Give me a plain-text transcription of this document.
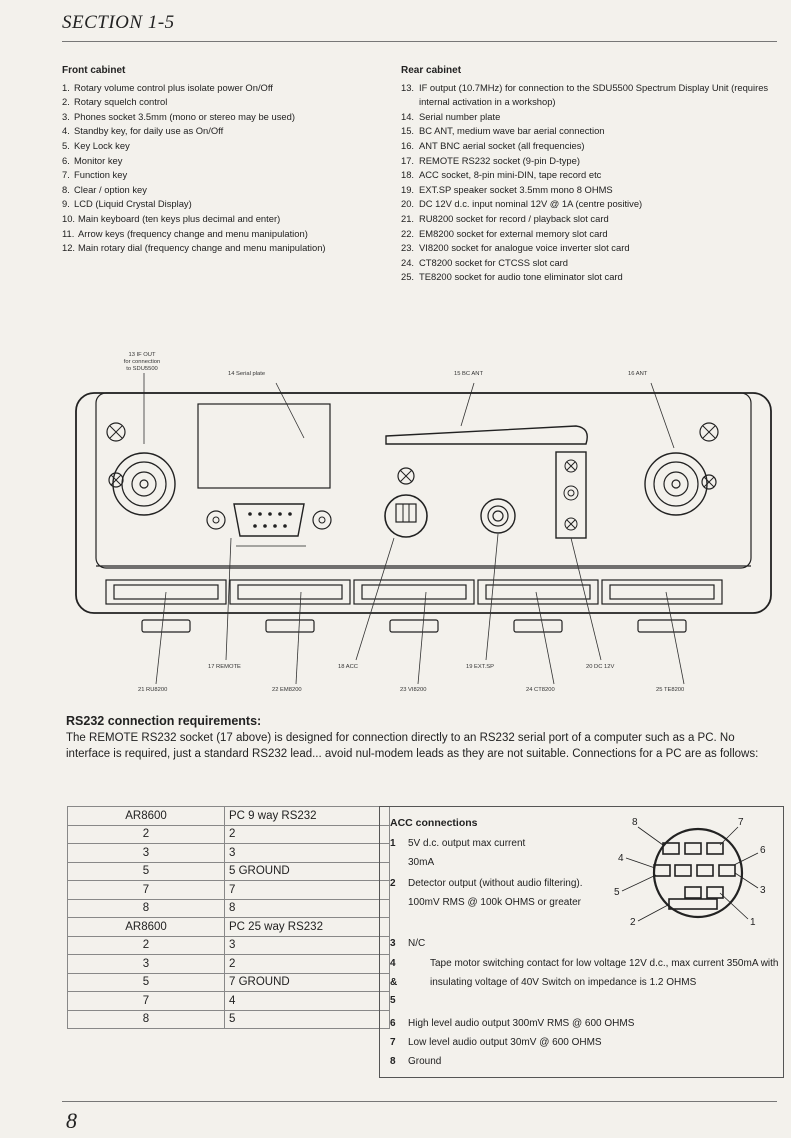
SECTION 1-5
Front cabinet
1. Rotary volume control plus isolate power On/Off
2. Rotary squelch control
3. Phones socket 3.5mm (mono or stereo may be used)
4. Standby key, for daily use as On/Off
5. Key Lock key
6. Monitor key
7. Function key
8. Clear / option key
9. LCD (Liquid Crystal Display)
10. Main keyboard (ten keys plus decimal and enter)
11. Arrow keys (frequency change and menu manipulation)
12. Main rotary dial (frequency change and menu manipulation)
Rear cabinet
13. IF output (10.7MHz) for connection to the SDU5500 Spectrum Display Unit (requires internal activation in a workshop)
14. Serial number plate
15. BC ANT, medium wave bar aerial connection
16. ANT BNC aerial socket (all frequencies)
17. REMOTE RS232 socket (9-pin D-type)
18. ACC socket, 8-pin mini-DIN, tape record etc
19. EXT.SP speaker socket 3.5mm mono 8 OHMS
20. DC 12V d.c. input nominal 12V @ 1A (centre positive)
21. RU8200 socket for record / playback slot card
22. EM8200 socket for external memory slot card
23. VI8200 socket for analogue voice inverter slot card
24. CT8200 socket for CTCSS slot card
25. TE8200 socket for audio tone eliminator slot card
13 IF OUT
for connection
to SDU5500
14 Serial plate	15 BC ANT	16 ANT
17 REMOTE	18 ACC	19 EXT.SP	20 DC 12V
21 RU8200	22 EM8200	23 VI8200	24 CT8200	25 TE8200
RS232 connection requirements:
The REMOTE RS232 socket (17 above) is designed for connection directly to an RS232 serial port of a computer such as a PC. No interface is required, just a standard RS232 lead... avoid nul-modem leads as they are not suitable. Connections for a PC are as follows:
AR8600	PC 9 way RS232
2	2
3	3
5	5 GROUND
7	7
8	8
AR8600	PC 25 way RS232
2	3
3	2
5	7 GROUND
7	4
8	5
ACC connections
1 5V d.c. output max current 30mA
2 Detector output (without audio filtering). 100mV RMS @ 100k OHMS or greater
3 N/C
4 & 5
Tape motor switching contact for low voltage 12V d.c., max current 350mA with insulating voltage of 40V Switch on impedance is 1.2 OHMS
6 High level audio output 300mV RMS @ 600 OHMS
7 Low level audio output 30mV @ 600 OHMS
8 Ground
8	7
6
4
5	3
2	1
8
